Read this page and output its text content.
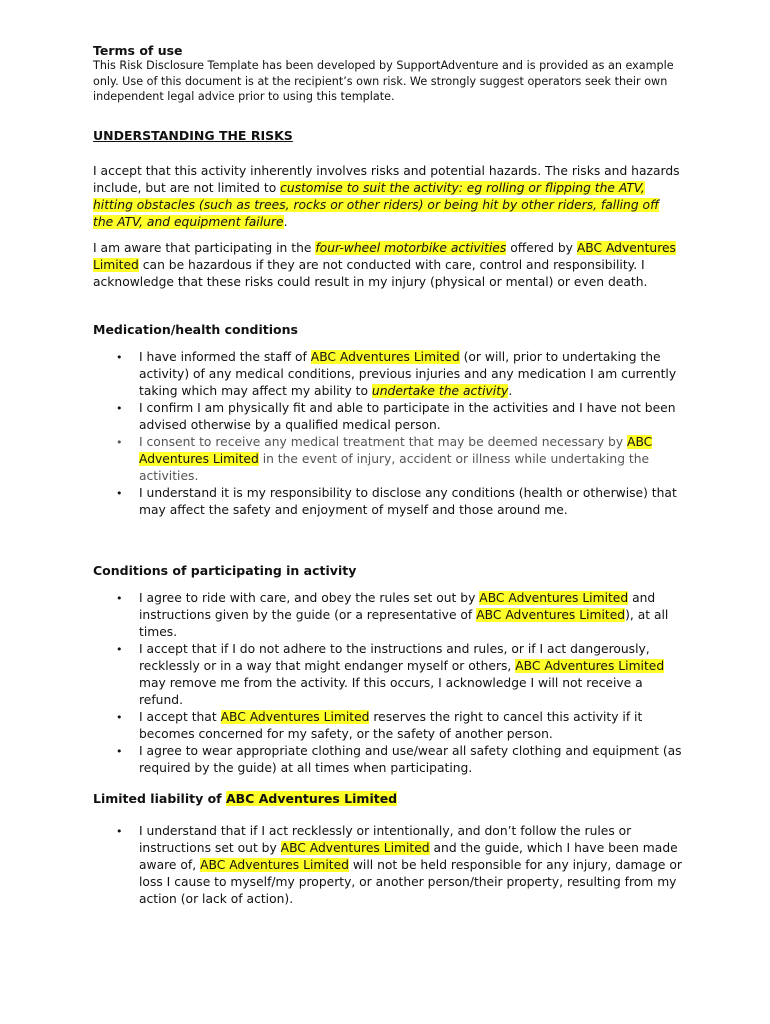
Terms of use
This Risk Disclosure Template has been developed by SupportAdventure and is provided as an example only. Use of this document is at the recipient’s own risk. We strongly suggest operators seek their own independent legal advice prior to using this template.
UNDERSTANDING THE RISKS

I accept that this activity inherently involves risks and potential hazards. The risks and hazards include, but are not limited to customise to suit the activity: eg rolling or flipping the ATV, hitting obstacles (such as trees, rocks or other riders) or being hit by other riders, falling off the ATV, and equipment failure.

I am aware that participating in the four-wheel motorbike activities offered by ABC Adventures Limited can be hazardous if they are not conducted with care, control and responsibility. I acknowledge that these risks could result in my injury (physical or mental) or even death.

Medication/health conditions
• I have informed the staff of ABC Adventures Limited (or will, prior to undertaking the activity) of any medical conditions, previous injuries and any medication I am currently taking which may affect my ability to undertake the activity.
• I confirm I am physically fit and able to participate in the activities and I have not been advised otherwise by a qualified medical person.
• I consent to receive any medical treatment that may be deemed necessary by ABC Adventures Limited in the event of injury, accident or illness while undertaking the activities.
• I understand it is my responsibility to disclose any conditions (health or otherwise) that may affect the safety and enjoyment of myself and those around me.
Conditions of participating in activity
• I agree to ride with care, and obey the rules set out by ABC Adventures Limited and instructions given by the guide (or a representative of ABC Adventures Limited), at all times.
• I accept that if I do not adhere to the instructions and rules, or if I act dangerously, recklessly or in a way that might endanger myself or others, ABC Adventures Limited may remove me from the activity. If this occurs, I acknowledge I will not receive a refund.
• I accept that ABC Adventures Limited reserves the right to cancel this activity if it becomes concerned for my safety, or the safety of another person.
• I agree to wear appropriate clothing and use/wear all safety clothing and equipment (as required by the guide) at all times when participating.
Limited liability of ABC Adventures Limited
• I understand that if I act recklessly or intentionally, and don’t follow the rules or instructions set out by ABC Adventures Limited and the guide, which I have been made aware of, ABC Adventures Limited will not be held responsible for any injury, damage or loss I cause to myself/my property, or another person/their property, resulting from my action (or lack of action).
